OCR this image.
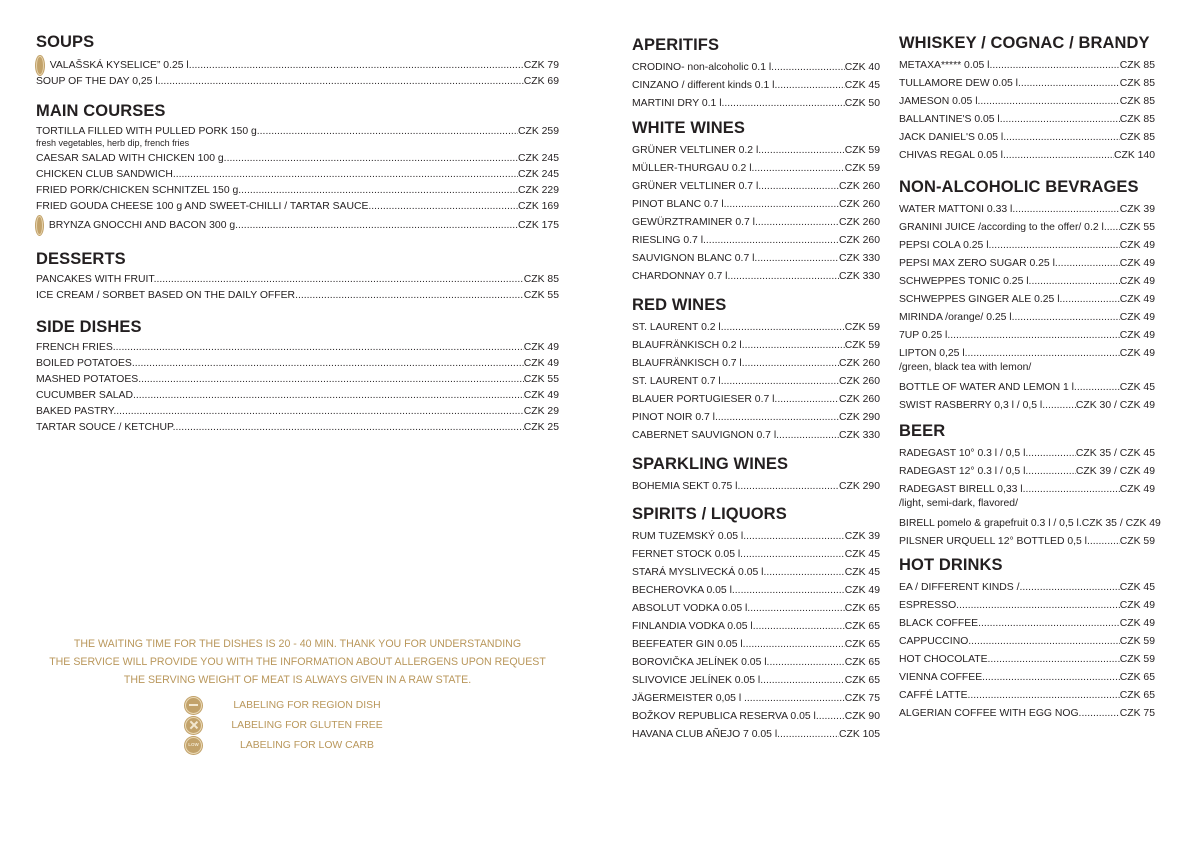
SOUPS
VALAŠSKÁ KYSELICE” 0.25 l. .....	CZK 79
SOUP OF THE DAY 0,25 l. .....	CZK 69
MAIN COURSES
TORTILLA FILLED WITH PULLED PORK 150 g. .....	CZK 259
fresh vegetables, herb dip, french fries
CAESAR SALAD WITH CHICKEN 100 g. .....	CZK 245
CHICKEN CLUB SANDWICH. .....	CZK 245
FRIED PORK/CHICKEN SCHNITZEL 150 g. .....	CZK 229
FRIED GOUDA CHEESE 100 g AND SWEET-CHILLI / TARTAR SAUCE. .....	CZK 169
BRYNZA GNOCCHI AND BACON 300 g. .....	CZK 175
DESSERTS
PANCAKES WITH FRUIT. .....	CZK 85
ICE CREAM / SORBET BASED ON THE DAILY OFFER .....	CZK 55
SIDE DISHES
FRENCH FRIES. .....	CZK 49
BOILED POTATOES. .....	CZK 49
MASHED POTATOES. .....	CZK 55
CUCUMBER SALAD. .....	CZK 49
BAKED PASTRY. .....	CZK 29
TARTAR SOUCE / KETCHUP. .....	CZK 25

THE WAITING TIME FOR THE DISHES IS 20 - 40 MIN. THANK YOU FOR UNDERSTANDING

THE SERVICE WILL PROVIDE YOU WITH THE INFORMATION ABOUT ALLERGENS UPON REQUEST

THE SERVING WEIGHT OF MEAT IS ALWAYS GIVEN IN A RAW STATE.

LABELING FOR REGION DISH
LABELING FOR GLUTEN FREE
LOW
LABELING FOR LOW CARB
APERITIFS
CRODINO- non-alcoholic 0.1 l. .....	CZK 40
CINZANO / different kinds 0.1 l. .....	CZK 45
MARTINI DRY 0.1 l. .....	CZK 50
WHITE WINES
GRÜNER VELTLINER 0.2 l. .....	CZK 59
MÜLLER-THURGAU 0.2 l. .....	CZK 59
GRÜNER VELTLINER 0.7 l. .....	CZK 260
PINOT BLANC 0.7 l. .....	CZK 260
GEWÜRZTRAMINER 0.7 l. .....	CZK 260
RIESLING 0.7 l. .....	CZK 260
SAUVIGNON BLANC 0.7 l. .....	CZK 330
CHARDONNAY 0.7 l. .....	CZK 330
RED WINES
ST. LAURENT 0.2 l. .....	CZK 59
BLAUFRÄNKISCH 0.2 l. .....	CZK 59
BLAUFRÄNKISCH 0.7 l. .....	CZK 260
ST. LAURENT 0.7 l. .....	CZK 260
BLAUER PORTUGIESER 0.7 l. .....	CZK 260
PINOT NOIR 0.7 l. .....	CZK 290
CABERNET SAUVIGNON 0.7 l. .....	CZK 330
SPARKLING WINES
BOHEMIA SEKT 0.75 l. .....	CZK 290
SPIRITS / LIQUORS
RUM TUZEMSKÝ 0.05 l. .....	CZK 39
FERNET STOCK 0.05 l. .....	CZK 45
STARÁ MYSLIVECKÁ 0.05 l. .....	CZK 45
BECHEROVKA 0.05 l. .....	CZK 49
ABSOLUT VODKA 0.05 l. .....	CZK 65
FINLANDIA VODKA 0.05 l. .....	CZK 65
BEEFEATER GIN 0.05 l. .....	CZK 65
BOROVIČKA JELÍNEK 0.05 l. .....	CZK 65
SLIVOVICE JELÍNEK 0.05 l. .....	CZK 65
JÄGERMEISTER 0,05 l . .....	CZK 75
BOŽKOV REPUBLICA RESERVA 0.05 l. .....	CZK 90
HAVANA CLUB AÑEJO 7 0.05 l. .....	CZK 105
WHISKEY / COGNAC / BRANDY
METAXA***** 0.05 l. .....	CZK 85
TULLAMORE DEW 0.05 l. .....	CZK 85
JAMESON 0.05 l. .....	CZK 85
BALLANTINE'S 0.05 l. .....	CZK 85
JACK DANIEL'S 0.05 l. .....	CZK 85
CHIVAS REGAL 0.05 l. .....	CZK 140
NON-ALCOHOLIC BEVRAGES
WATER MATTONI 0.33 l. .....	CZK 39
GRANINI JUICE /according to the offer/ 0.2 l. ..... CZK 55
PEPSI COLA 0.25 l. .....	CZK 49
PEPSI MAX ZERO SUGAR 0.25 l. .....	CZK 49
SCHWEPPES TONIC 0.25 l. .....	CZK 49
SCHWEPPES GINGER ALE 0.25 l. .....	CZK 49
MIRINDA /orange/ 0.25 l. .....	CZK 49
7UP 0.25 l. .....	CZK 49
LIPTON 0,25 l. .....	CZK 49
/green, black tea with lemon/
BOTTLE OF WATER AND LEMON 1 l. .....	CZK 45
SWIST RASBERRY 0,3 l / 0,5 l. .....	CZK 30 / CZK 49
BEER
RADEGAST 10° 0.3 l / 0,5 l. .....	CZK 35 / CZK 45
RADEGAST 12° 0.3 l / 0,5 l. .....	CZK 39 / CZK 49
RADEGAST BIRELL 0,33 l. .....	CZK 49
/light, semi-dark, flavored/
BIRELL pomelo & grapefruit 0.3 l / 0,5 l. CZK 35 / CZK 49
PILSNER URQUELL 12° BOTTLED 0,5 l. .....	CZK 59
HOT DRINKS
EA / DIFFERENT KINDS /. .....	CZK 45
ESPRESSO. .....	CZK 49
BLACK COFFEE. .....	CZK 49
CAPPUCCINO. .....	CZK 59
HOT CHOCOLATE. .....	CZK 59
VIENNA COFFEE. .....	CZK 65
CAFFÉ LATTE. .....	CZK 65
ALGERIAN COFFEE WITH EGG NOG. .....	CZK 75
